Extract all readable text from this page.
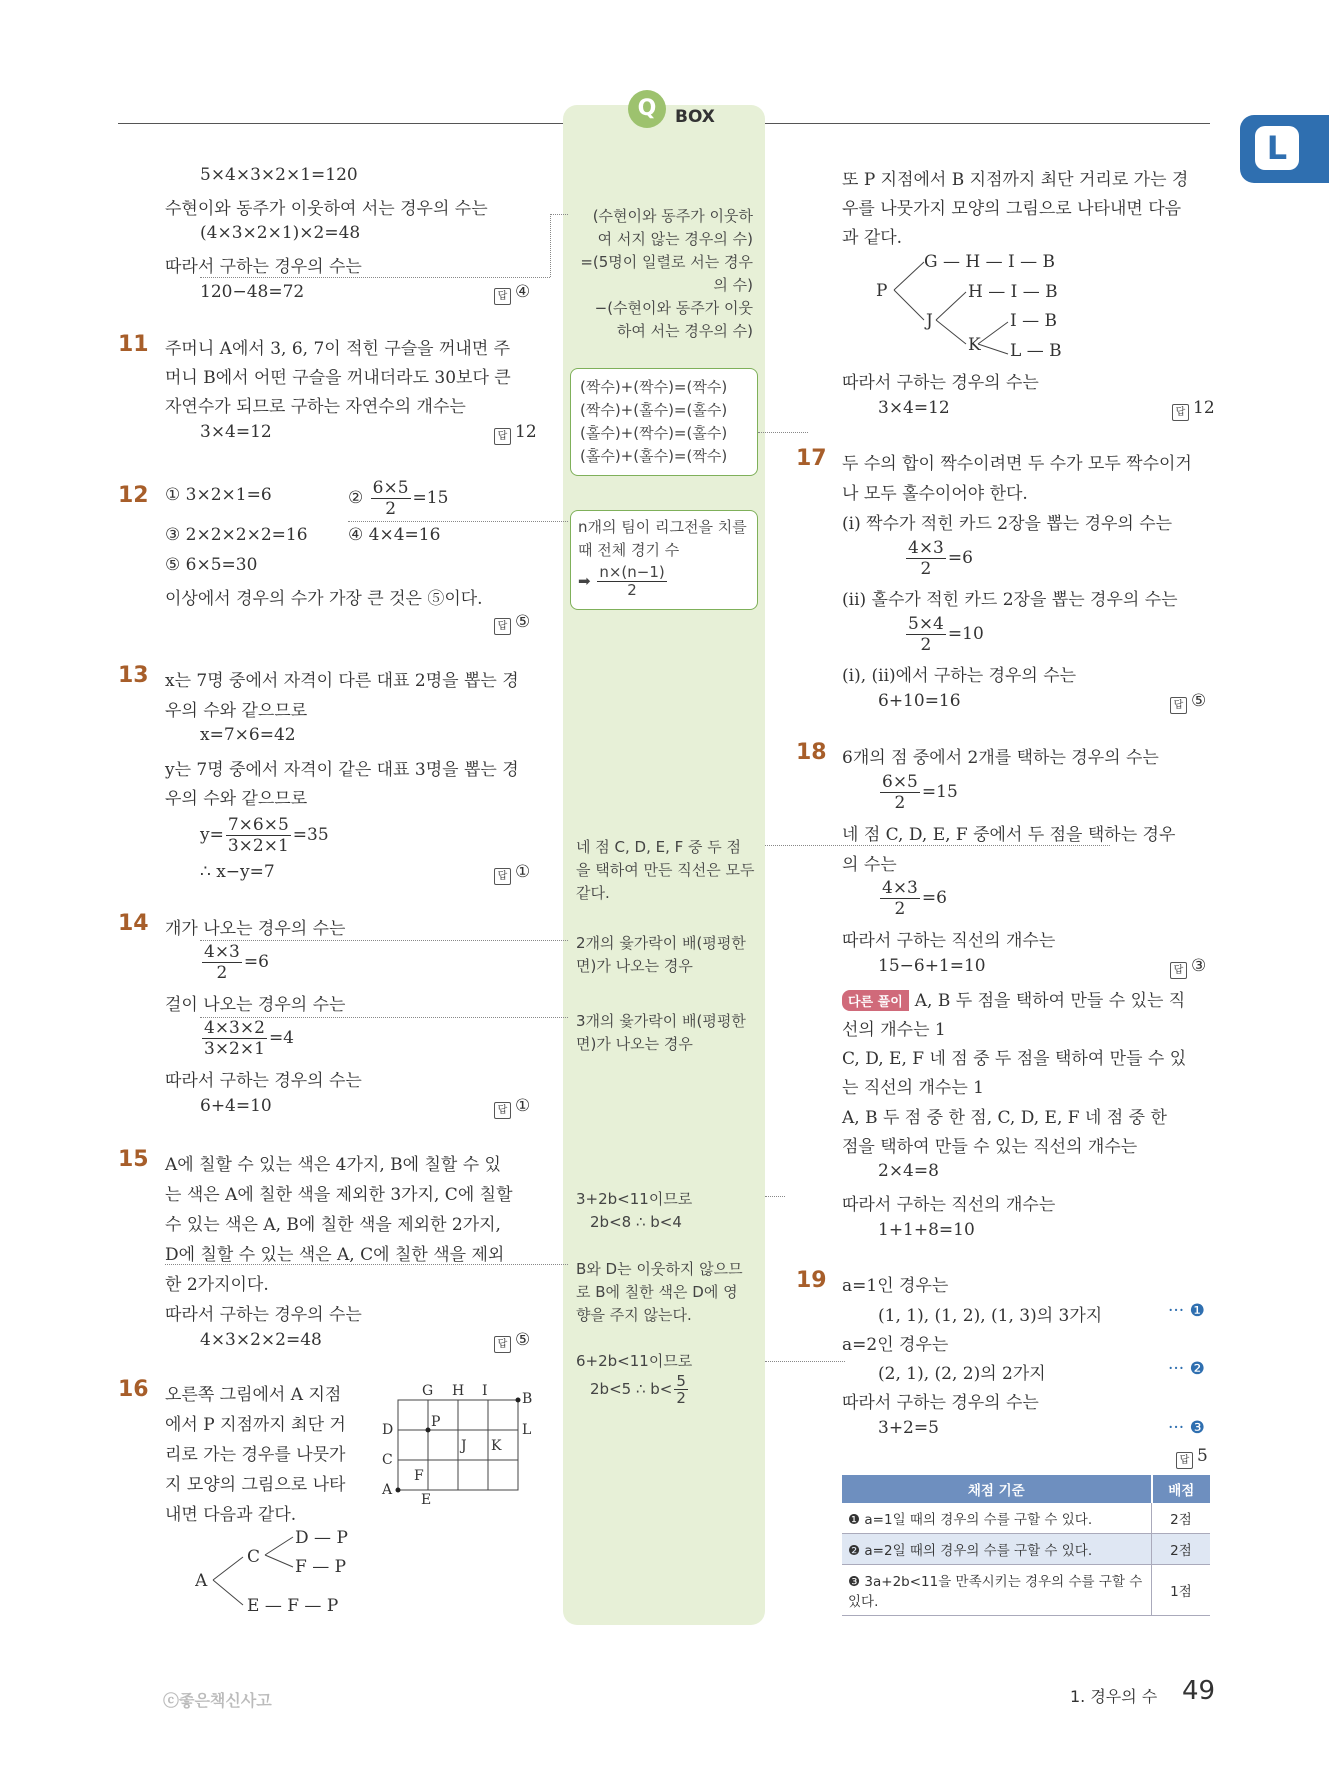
Q	BOX
L
5×4×3×2×1=120
수현이와 동주가 이웃하여 서는 경우의 수는
(4×3×2×1)×2=48
따라서 구하는 경우의 수는
120−48=72	답 ④
11 주머니 A에서 3, 6, 7이 적힌 구슬을 꺼내면 주
머니 B에서 어떤 구슬을 꺼내더라도 30보다 큰
자연수가 되므로 구하는 자연수의 개수는
3×4=12	답 12
12 ① 3×2×1=6	② $\frac{6\times 5}{2} =15$
③ 2×2×2×2=16 ④ 4×4=16
⑤ 6×5=30
이상에서 경우의 수가 가장 큰 것은 ⑤이다.
답 ⑤
13 x는 7명 중에서 자격이 다른 대표 2명을 뽑는 경
우의 수와 같으므로
x=7×6=42
y는 7명 중에서 자격이 같은 대표 3명을 뽑는 경
우의 수와 같으므로
$y= \frac{7\times 6\times 5}{3\times 2\times 1} =35$
∴ x−y=7	답 ①
14 개가 나오는 경우의 수는
$\frac{4\times 3}{2} =6$
걸이 나오는 경우의 수는
$\frac{4\times 3\times 2}{3\times 2\times 1} =4$
따라서 구하는 경우의 수는
6+4=10	답 ①
15 A에 칠할 수 있는 색은 4가지, B에 칠할 수 있
는 색은 A에 칠한 색을 제외한 3가지, C에 칠할
수 있는 색은 A, B에 칠한 색을 제외한 2가지,
D에 칠할 수 있는 색은 A, C에 칠한 색을 제외
한 2가지이다.
따라서 구하는 경우의 수는
4×3×2×2=48	답 ⑤
16 오른쪽 그림에서 A 지점
에서 P 지점까지 최단 거
리로 가는 경우를 나뭇가
지 모양의 그림으로 나타
내면 다음과 같다.
G H I B
D	P	L
J K
C
F
A
E
A
C
D — P
F — P
E — F — P
(수현이와 동주가 이웃하
여 서지 않는 경우의 수)
=(5명이 일렬로 서는 경우
의 수)
−(수현이와 동주가 이웃
하여 서는 경우의 수)
(짝수)+(짝수)=(짝수)
(짝수)+(홀수)=(홀수)
(홀수)+(짝수)=(홀수)
(홀수)+(홀수)=(짝수)
n개의 팀이 리그전을 치를
때 전체 경기 수
➡ $\frac{n\times(n-1)}{2}$
네 점 C, D, E, F 중 두 점
을 택하여 만든 직선은 모두
같다.
2개의 윷가락이 배(평평한
면)가 나오는 경우
3개의 윷가락이 배(평평한
면)가 나오는 경우
3+2b<11이므로
2b<8 ∴ b<4
B와 D는 이웃하지 않으므
로 B에 칠한 색은 D에 영
향을 주지 않는다.
6+2b<11이므로
2b<5 ∴ $b< \frac{5}{2}$
또 P 지점에서 B 지점까지 최단 거리로 가는 경
우를 나뭇가지 모양의 그림으로 나타내면 다음
과 같다.
P
G — H — I — B
H — I — B
J	I — B
K L — B
따라서 구하는 경우의 수는
3×4=12	답 12
17 두 수의 합이 짝수이려면 두 수가 모두 짝수이거
나 모두 홀수이어야 한다.
(i) 짝수가 적힌 카드 2장을 뽑는 경우의 수는
$\frac{4\times 3}{2} =6$
(ii) 홀수가 적힌 카드 2장을 뽑는 경우의 수는
$\frac{5\times 4}{2} =10$
(i), (ii)에서 구하는 경우의 수는
6+10=16	답 ⑤
18 6개의 점 중에서 2개를 택하는 경우의 수는
$\frac{6\times 5}{2} =15$
네 점 C, D, E, F 중에서 두 점을 택하는 경우
의 수는
$\frac{4\times 3}{2} =6$
따라서 구하는 직선의 개수는
15−6+1=10	답 ③
다른 풀이 A, B 두 점을 택하여 만들 수 있는 직
선의 개수는 1
C, D, E, F 네 점 중 두 점을 택하여 만들 수 있
는 직선의 개수는 1
A, B 두 점 중 한 점, C, D, E, F 네 점 중 한
점을 택하여 만들 수 있는 직선의 개수는
2×4=8
따라서 구하는 직선의 개수는
1+1+8=10
19 a=1인 경우는
(1, 1), (1, 2), (1, 3)의 3가지	··· ❶
a=2인 경우는
(2, 1), (2, 2)의 2가지	··· ❷
따라서 구하는 경우의 수는
3+2=5	··· ❸
답 5
채점 기준	배점
❶ a=1일 때의 경우의 수를 구할 수 있다.	2점
❷ a=2일 때의 경우의 수를 구할 수 있다.	2점
❸ 3a+2b<11을 만족시키는 경우의 수를 구할 수 있다.	1점
ⓒ좋은책신사고	1. 경우의 수 49
